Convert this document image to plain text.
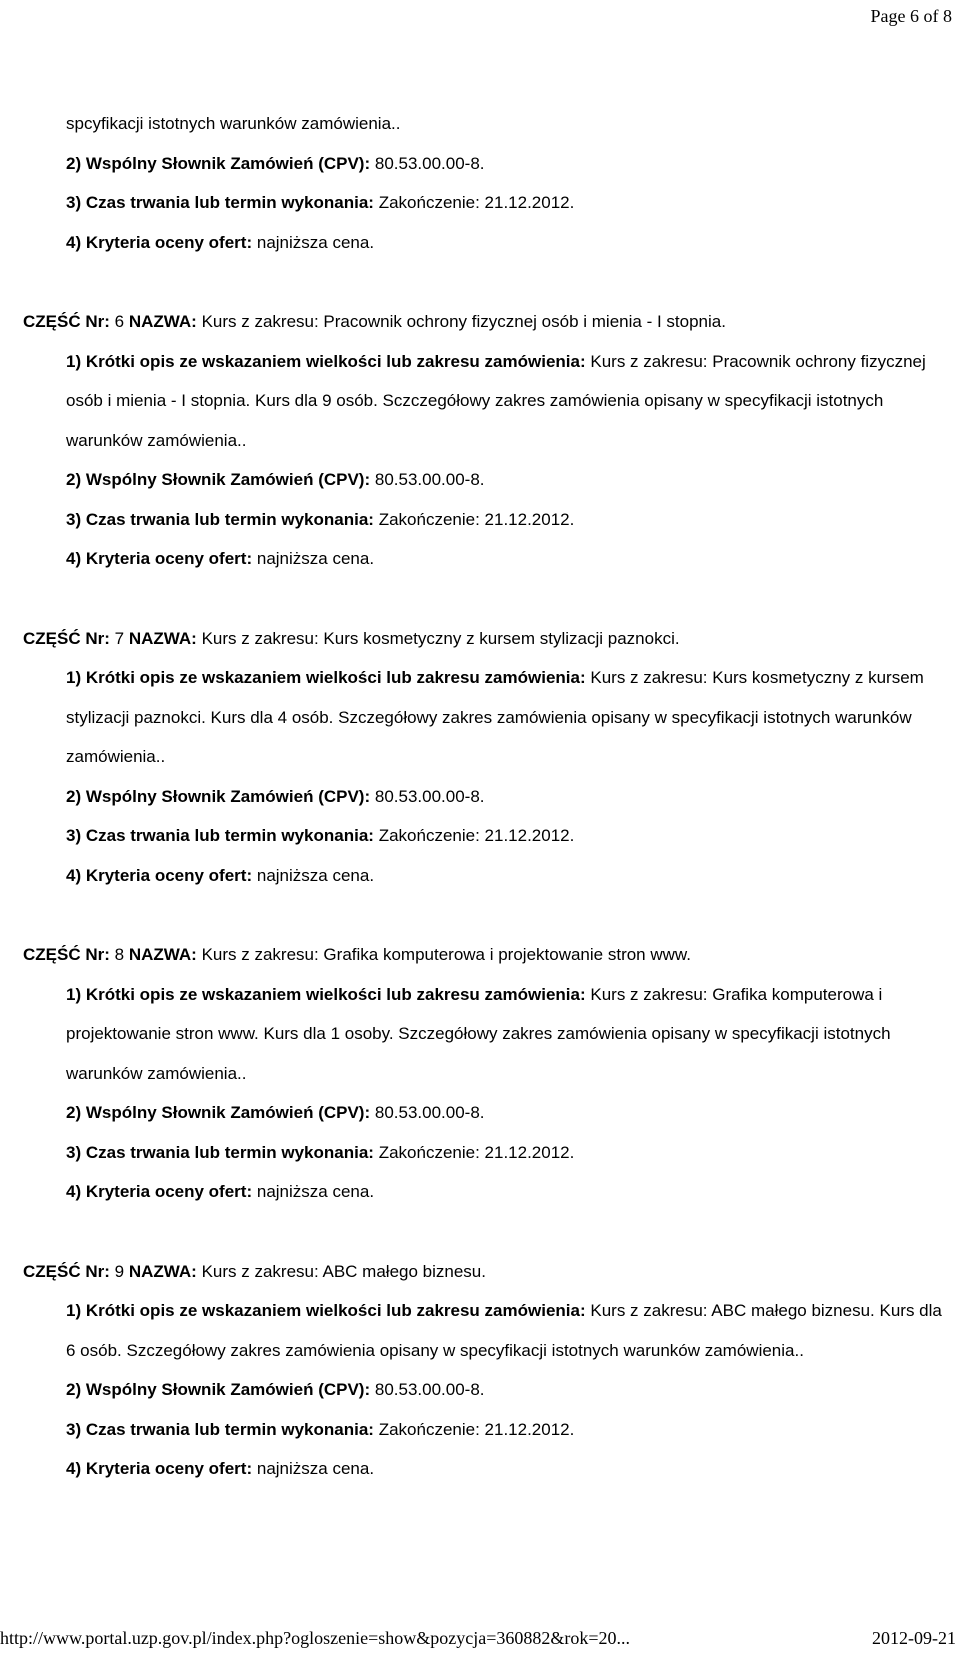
Page 6 of 8
spcyfikacji istotnych warunków zamówienia..
2) Wspólny Słownik Zamówień (CPV): 80.53.00.00-8.
3) Czas trwania lub termin wykonania: Zakończenie: 21.12.2012.
4) Kryteria oceny ofert: najniższa cena.
CZĘŚĆ Nr: 6 NAZWA: Kurs z zakresu: Pracownik ochrony fizycznej osób i mienia - I stopnia.
1) Krótki opis ze wskazaniem wielkości lub zakresu zamówienia: Kurs z zakresu: Pracownik ochrony fizycznej osób i mienia - I stopnia. Kurs dla 9 osób. Sczczegółowy zakres zamówienia opisany w specyfikacji istotnych warunków zamówienia..
2) Wspólny Słownik Zamówień (CPV): 80.53.00.00-8.
3) Czas trwania lub termin wykonania: Zakończenie: 21.12.2012.
4) Kryteria oceny ofert: najniższa cena.
CZĘŚĆ Nr: 7 NAZWA: Kurs z zakresu: Kurs kosmetyczny z kursem stylizacji paznokci.
1) Krótki opis ze wskazaniem wielkości lub zakresu zamówienia: Kurs z zakresu: Kurs kosmetyczny z kursem stylizacji paznokci. Kurs dla 4 osób. Szczegółowy zakres zamówienia opisany w specyfikacji istotnych warunków zamówienia..
2) Wspólny Słownik Zamówień (CPV): 80.53.00.00-8.
3) Czas trwania lub termin wykonania: Zakończenie: 21.12.2012.
4) Kryteria oceny ofert: najniższa cena.
CZĘŚĆ Nr: 8 NAZWA: Kurs z zakresu: Grafika komputerowa i projektowanie stron www.
1) Krótki opis ze wskazaniem wielkości lub zakresu zamówienia: Kurs z zakresu: Grafika komputerowa i projektowanie stron www. Kurs dla 1 osoby. Szczegółowy zakres zamówienia opisany w specyfikacji istotnych warunków zamówienia..
2) Wspólny Słownik Zamówień (CPV): 80.53.00.00-8.
3) Czas trwania lub termin wykonania: Zakończenie: 21.12.2012.
4) Kryteria oceny ofert: najniższa cena.
CZĘŚĆ Nr: 9 NAZWA: Kurs z zakresu: ABC małego biznesu.
1) Krótki opis ze wskazaniem wielkości lub zakresu zamówienia: Kurs z zakresu: ABC małego biznesu. Kurs dla 6 osób. Szczegółowy zakres zamówienia opisany w specyfikacji istotnych warunków zamówienia..
2) Wspólny Słownik Zamówień (CPV): 80.53.00.00-8.
3) Czas trwania lub termin wykonania: Zakończenie: 21.12.2012.
4) Kryteria oceny ofert: najniższa cena.
http://www.portal.uzp.gov.pl/index.php?ogloszenie=show&pozycja=360882&rok=20...	2012-09-21
